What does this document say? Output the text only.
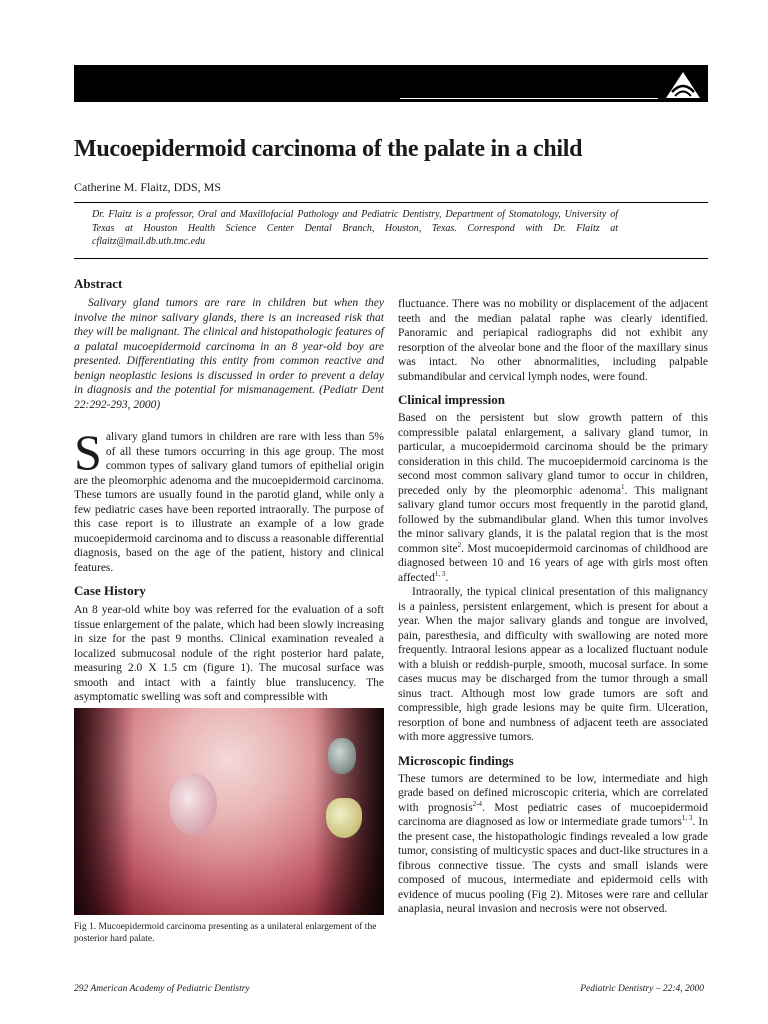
Mucoepidermoid carcinoma of the palate in a child
Catherine M. Flaitz, DDS, MS
Dr. Flaitz is a professor, Oral and Maxillofacial Pathology and Pediatric Dentistry, Department of Stomatology, University of Texas at Houston Health Science Center Dental Branch, Houston, Texas. Correspond with Dr. Flaitz at cflaitz@mail.db.uth.tmc.edu
Abstract

Salivary gland tumors are rare in children but when they involve the minor salivary glands, there is an increased risk that they will be malignant. The clinical and histopathologic features of a palatal mucoepidermoid carcinoma in an 8 year-old boy are presented. Differentiating this entity from common reactive and benign neoplastic lesions is discussed in order to prevent a delay in diagnosis and the potential for mismanagement. (Pediatr Dent 22:292-293, 2000)

Salivary gland tumors in children are rare with less than 5% of all these tumors occurring in this age group. The most common types of salivary gland tumors of epithelial origin are the pleomorphic adenoma and the mucoepidermoid carcinoma. These tumors are usually found in the parotid gland, while only a few pediatric cases have been reported intraorally. The purpose of this case report is to illustrate an example of a low grade mucoepidermoid carcinoma and to discuss a reasonable differential diagnosis, based on the age of the patient, history and clinical features.

Case History

An 8 year-old white boy was referred for the evaluation of a soft tissue enlargement of the palate, which had been slowly increasing in size for the past 9 months. Clinical examination revealed a localized submucosal nodule of the right posterior hard palate, measuring 2.0 X 1.5 cm (figure 1). The mucosal surface was smooth and intact with a faintly blue translucency. The asymptomatic swelling was soft and compressible with

Fig 1. Mucoepidermoid carcinoma presenting as a unilateral enlargement of the posterior hard palate.

fluctuance. There was no mobility or displacement of the adjacent teeth and the median palatal raphe was clearly identified. Panoramic and periapical radiographs did not exhibit any resorption of the alveolar bone and the floor of the maxillary sinus was intact. No other abnormalities, including palpable submandibular and cervical lymph nodes, were found.

Clinical impression

Based on the persistent but slow growth pattern of this compressible palatal enlargement, a salivary gland tumor, in particular, a mucoepidermoid carcinoma should be the primary consideration in this child. The mucoepidermoid carcinoma is the second most common salivary gland tumor to occur in children, preceded only by the pleomorphic adenoma$^1$. This malignant salivary gland tumor occurs most frequently in the parotid gland, followed by the submandibular gland. When this tumor involves the minor salivary glands, it is the palatal region that is the most common site$^2$. Most mucoepidermoid carcinomas of childhood are diagnosed between 10 and 16 years of age with girls most often affected$^{1, 3}$.

Intraorally, the typical clinical presentation of this malignancy is a painless, persistent enlargement, which is present for about a year. When the major salivary glands and tongue are involved, pain, paresthesia, and difficulty with swallowing are noted more frequently. Intraoral lesions appear as a localized fluctuant nodule with a bluish or reddish-purple, smooth, mucosal surface. In some cases mucus may be discharged from the tumor through a small sinus tract. Although most low grade tumors are soft and compressible, high grade lesions may be quite firm. Ulceration, resorption of bone and numbness of adjacent teeth are associated with more aggressive tumors.

Microscopic findings

These tumors are determined to be low, intermediate and high grade based on defined microscopic criteria, which are correlated with prognosis$^{2-4}$. Most pediatric cases of mucoepidermoid carcinoma are diagnosed as low or intermediate grade tumors$^{1, 3}$. In the present case, the histopathologic findings revealed a low grade tumor, consisting of multicystic spaces and duct-like structures in a fibrous connective tissue. The cysts and small islands were composed of mucous, intermediate and epidermoid cells with evidence of mucus pooling (Fig 2). Mitoses were rare and cellular anaplasia, neural invasion and necrosis were not observed.

292 American Academy of Pediatric Dentistry	Pediatric Dentistry – 22:4, 2000
